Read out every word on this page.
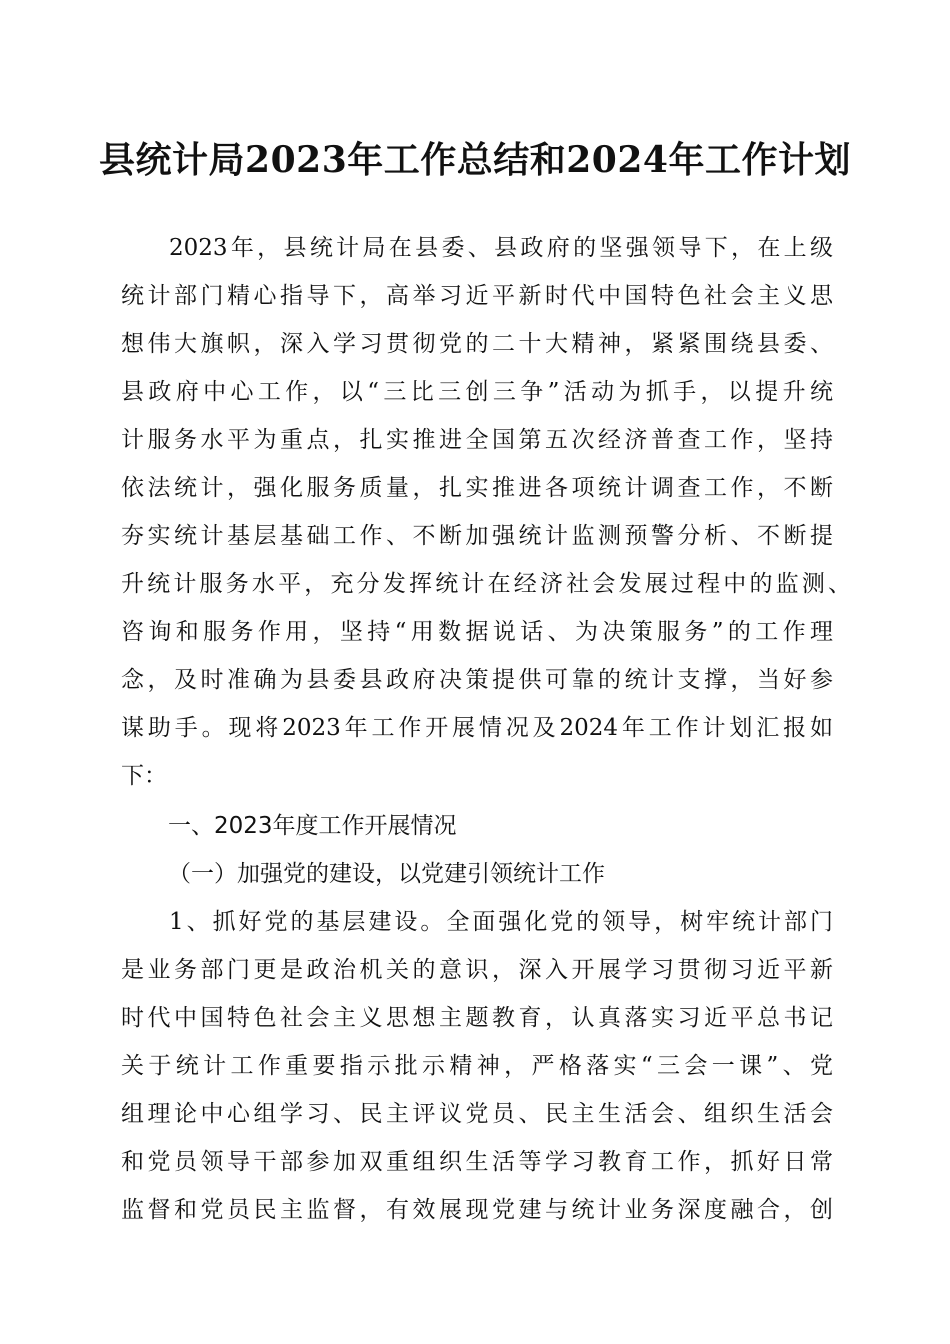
县统计局2023年工作总结和2024年工作计划
2023年，县统计局在县委、县政府的坚强领导下，在上级
统计部门精心指导下，高举习近平新时代中国特色社会主义思
想伟大旗帜，深入学习贯彻党的二十大精神，紧紧围绕县委、
县政府中心工作，以“三比三创三争”活动为抓手，以提升统
计服务水平为重点，扎实推进全国第五次经济普查工作，坚持
依法统计，强化服务质量，扎实推进各项统计调查工作，不断
夯实统计基层基础工作、不断加强统计监测预警分析、不断提
升统计服务水平，充分发挥统计在经济社会发展过程中的监测、
咨询和服务作用，坚持“用数据说话、为决策服务”的工作理
念，及时准确为县委县政府决策提供可靠的统计支撑，当好参
谋助手。现将2023年工作开展情况及2024年工作计划汇报如
下：
一、2023年度工作开展情况
（一）加强党的建设，以党建引领统计工作
1、抓好党的基层建设。全面强化党的领导，树牢统计部门
是业务部门更是政治机关的意识，深入开展学习贯彻习近平新
时代中国特色社会主义思想主题教育，认真落实习近平总书记
关于统计工作重要指示批示精神，严格落实“三会一课”、党
组理论中心组学习、民主评议党员、民主生活会、组织生活会
和党员领导干部参加双重组织生活等学习教育工作，抓好日常
监督和党员民主监督，有效展现党建与统计业务深度融合，创
